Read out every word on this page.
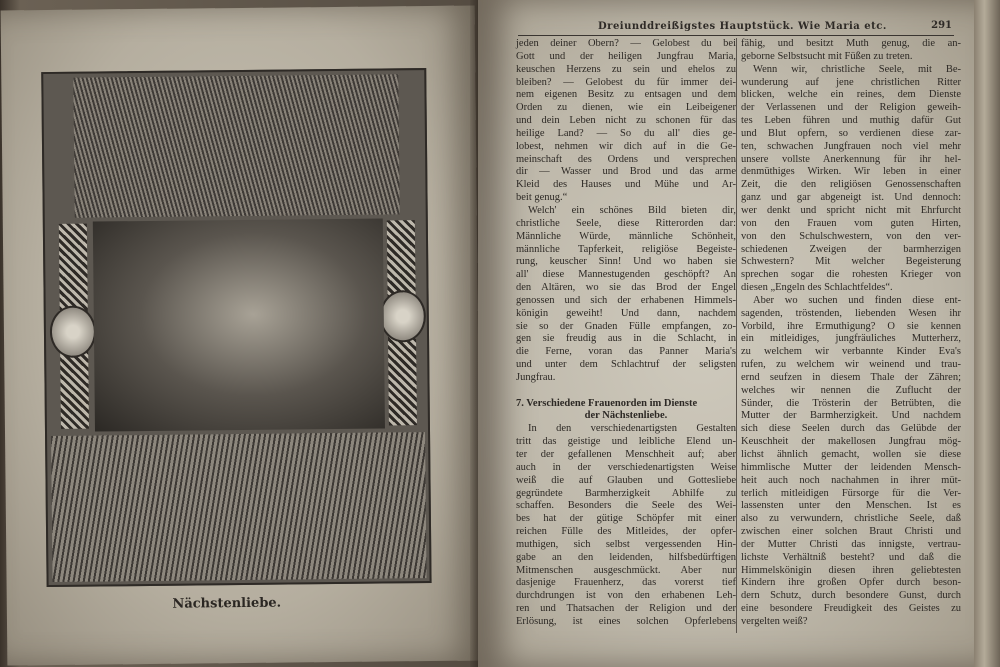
Nächstenliebe.
Dreiunddreißigstes Hauptstück. Wie Maria etc.	291
jeden deiner Obern? — Gelobest du bei
Gott und der heiligen Jungfrau Maria,
keuschen Herzens zu sein und ehelos zu
bleiben? — Gelobest du für immer dei-
nem eigenen Besitz zu entsagen und dem
Orden zu dienen, wie ein Leibeigener
und dein Leben nicht zu schonen für das
heilige Land? — So du all' dies ge-
lobest, nehmen wir dich auf in die Ge-
meinschaft des Ordens und versprechen
dir — Wasser und Brod und das arme
Kleid des Hauses und Mühe und Ar-
beit genug.“
Welch' ein schönes Bild bieten dir,
christliche Seele, diese Ritterorden dar:
Männliche Würde, männliche Schönheit,
männliche Tapferkeit, religiöse Begeiste-
rung, keuscher Sinn! Und wo haben sie
all' diese Mannestugenden geschöpft? An
den Altären, wo sie das Brod der Engel
genossen und sich der erhabenen Himmels-
königin geweiht! Und dann, nachdem
sie so der Gnaden Fülle empfangen, zo-
gen sie freudig aus in die Schlacht, in
die Ferne, voran das Panner Maria's
und unter dem Schlachtruf der seligsten
Jungfrau.
7. Verschiedene Frauenorden im Dienste
der Nächstenliebe.
In den verschiedenartigsten Gestalten
tritt das geistige und leibliche Elend un-
ter der gefallenen Menschheit auf; aber
auch in der verschiedenartigsten Weise
weiß die auf Glauben und Gottesliebe
gegründete Barmherzigkeit Abhilfe zu
schaffen. Besonders die Seele des Wei-
bes hat der gütige Schöpfer mit einer
reichen Fülle des Mitleides, der opfer-
muthigen, sich selbst vergessenden Hin-
gabe an den leidenden, hilfsbedürftigen
Mitmenschen ausgeschmückt. Aber nur
dasjenige Frauenherz, das vorerst tief
durchdrungen ist von den erhabenen Leh-
ren und Thatsachen der Religion und der
Erlösung, ist eines solchen Opferlebens
fähig, und besitzt Muth genug, die an-
geborne Selbstsucht mit Füßen zu treten.
Wenn wir, christliche Seele, mit Be-
wunderung auf jene christlichen Ritter
blicken, welche ein reines, dem Dienste
der Verlassenen und der Religion geweih-
tes Leben führen und muthig dafür Gut
und Blut opfern, so verdienen diese zar-
ten, schwachen Jungfrauen noch viel mehr
unsere vollste Anerkennung für ihr hel-
denmüthiges Wirken. Wir leben in einer
Zeit, die den religiösen Genossenschaften
ganz und gar abgeneigt ist. Und dennoch:
wer denkt und spricht nicht mit Ehrfurcht
von den Frauen vom guten Hirten,
von den Schulschwestern, von den ver-
schiedenen Zweigen der barmherzigen
Schwestern? Mit welcher Begeisterung
sprechen sogar die rohesten Krieger von
diesen „Engeln des Schlachtfeldes“.
Aber wo suchen und finden diese ent-
sagenden, tröstenden, liebenden Wesen ihr
Vorbild, ihre Ermuthigung? O sie kennen
ein mitleidiges, jungfräuliches Mutterherz,
zu welchem wir verbannte Kinder Eva's
rufen, zu welchem wir weinend und trau-
ernd seufzen in diesem Thale der Zähren;
welches wir nennen die Zuflucht der
Sünder, die Trösterin der Betrübten, die
Mutter der Barmherzigkeit. Und nachdem
sich diese Seelen durch das Gelübde der
Keuschheit der makellosen Jungfrau mög-
lichst ähnlich gemacht, wollen sie diese
himmlische Mutter der leidenden Mensch-
heit auch noch nachahmen in ihrer müt-
terlich mitleidigen Fürsorge für die Ver-
lassensten unter den Menschen. Ist es
also zu verwundern, christliche Seele, daß
zwischen einer solchen Braut Christi und
der Mutter Christi das innigste, vertrau-
lichste Verhältniß besteht? und daß die
Himmelskönigin diesen ihren geliebtesten
Kindern ihre großen Opfer durch beson-
dern Schutz, durch besondere Gunst, durch
eine besondere Freudigkeit des Geistes zu
vergelten weiß?
